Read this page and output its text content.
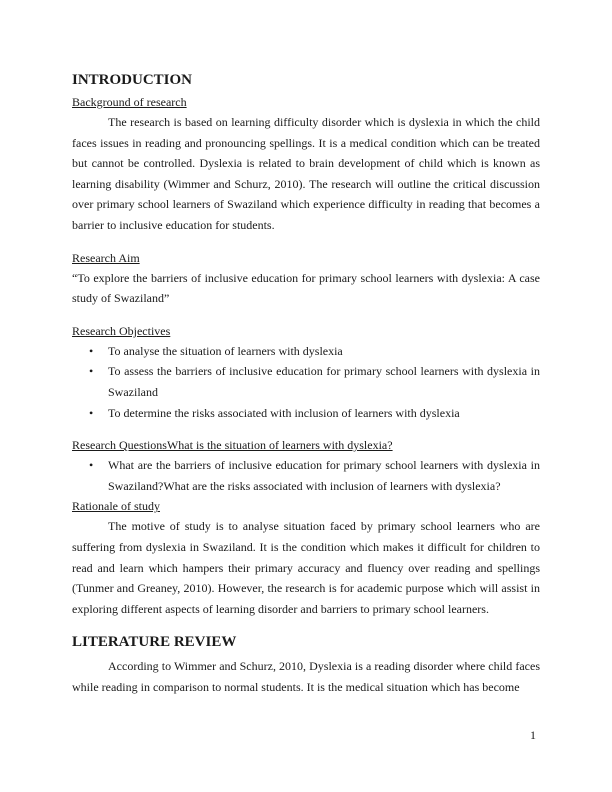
INTRODUCTION

Background of research

The research is based on learning difficulty disorder which is dyslexia in which the child faces issues in reading and pronouncing spellings. It is a medical condition which can be treated but cannot be controlled. Dyslexia is related to brain development of child which is known as learning disability (Wimmer and Schurz, 2010). The research will outline the critical discussion over primary school learners of Swaziland which experience difficulty in reading that becomes a barrier to inclusive education for students.

Research Aim

“To explore the barriers of inclusive education for primary school learners with dyslexia: A case study of Swaziland”

Research Objectives

• To analyse the situation of learners with dyslexia
• To assess the barriers of inclusive education for primary school learners with dyslexia in Swaziland
• To determine the risks associated with inclusion of learners with dyslexia

Research QuestionsWhat is the situation of learners with dyslexia?

• What are the barriers of inclusive education for primary school learners with dyslexia in Swaziland?What are the risks associated with inclusion of learners with dyslexia?

Rationale of study

The motive of study is to analyse situation faced by primary school learners who are suffering from dyslexia in Swaziland. It is the condition which makes it difficult for children to read and learn which hampers their primary accuracy and fluency over reading and spellings (Tunmer and Greaney, 2010). However, the research is for academic purpose which will assist in exploring different aspects of learning disorder and barriers to primary school learners.

LITERATURE REVIEW

According to Wimmer and Schurz, 2010, Dyslexia is a reading disorder where child faces while reading in comparison to normal students. It is the medical situation which has become

1
